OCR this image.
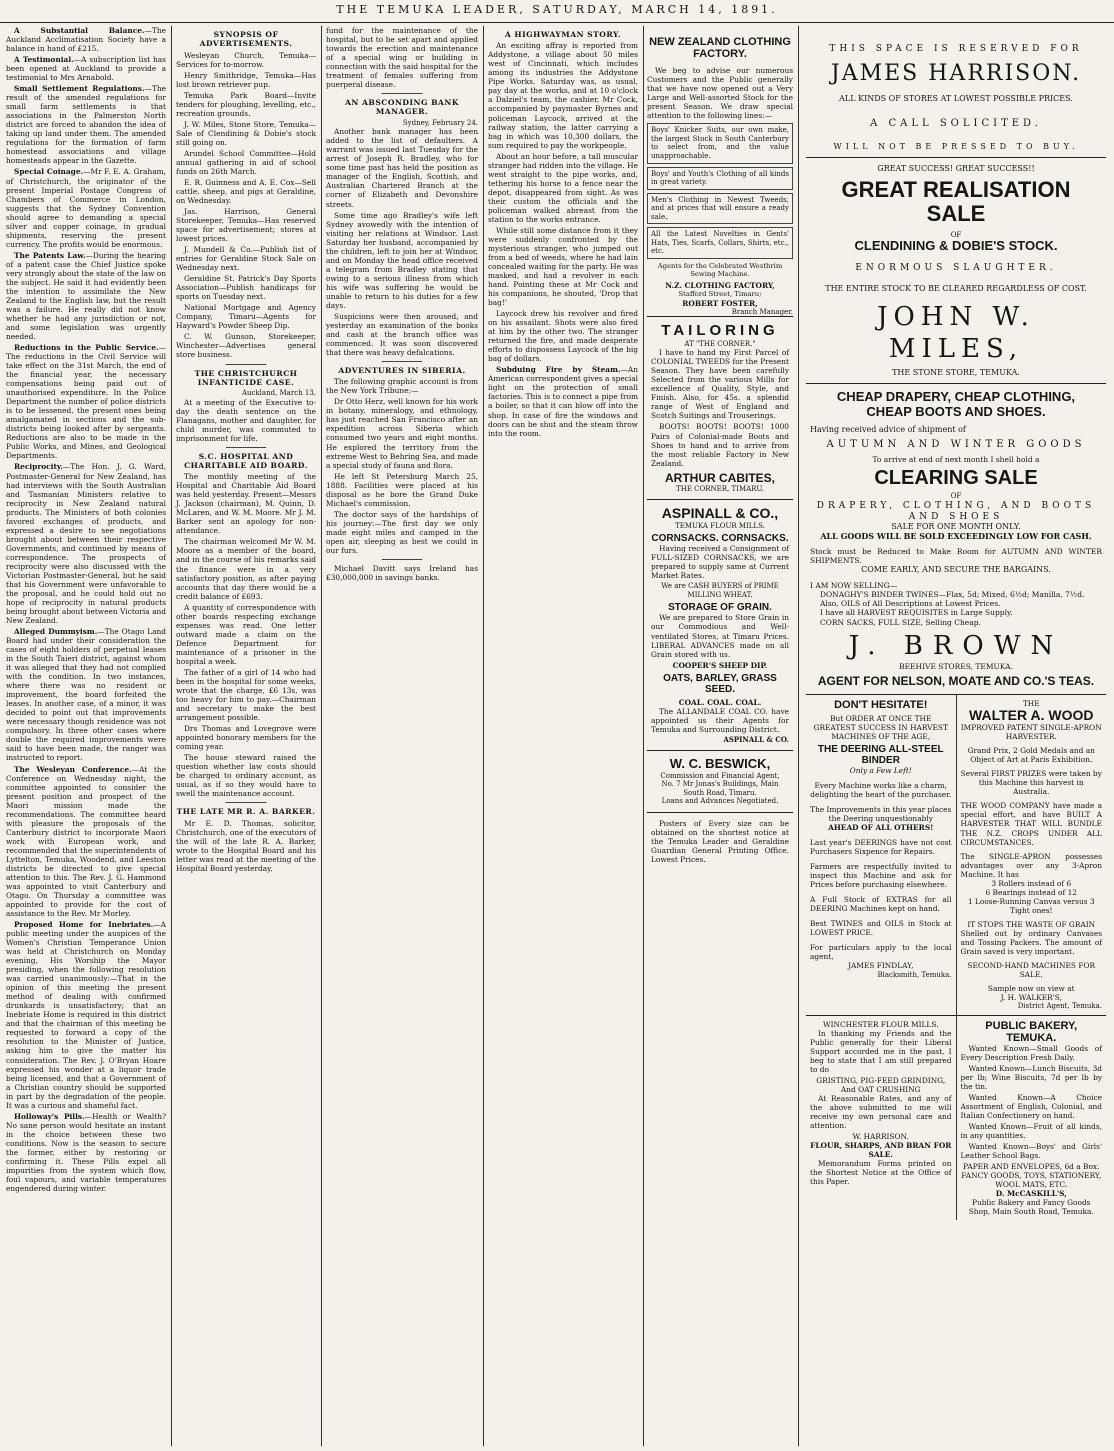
THE TEMUKA LEADER, SATURDAY, MARCH 14, 1891.

A Substantial Balance.—The Auckland Acclimatisation Society have a balance in hand of £215.

A Testimonial.—A subscription list has been opened at Auckland to provide a testimonial to Mrs Arnabold.

Small Settlement Regulations.—The result of the amended regulations for small farm settlements is that associations in the Palmerston North district are forced to abandon the idea of taking up land under them. The amended regulations for the formation of farm homestead associations and village homesteads appear in the Gazette.

Special Coinage.—Mr F. E. A. Graham, of Christchurch, the originator of the present Imperial Postage Congress of Chambers of Commerce in London, suggests that the Sydney Convention should agree to demanding a special silver and copper coinage, in gradual shipments, reserving the present currency. The profits would be enormous.

The Patents Law.—During the hearing of a patent case the Chief Justice spoke very strongly about the state of the law on the subject. He said it had evidently been the intention to assimilate the New Zealand to the English law, but the result was a failure. He really did not know whether he had any jurisdiction or not, and some legislation was urgently needed.

Reductions in the Public Service.—The reductions in the Civil Service will take effect on the 31st March, the end of the financial year, the necessary compensations being paid out of unauthorised expenditure. In the Police Department the number of police districts is to be lessened, the present ones being amalgamated in sections and the sub-districts being looked after by sergeants. Reductions are also to be made in the Public Works, and Mines, and Geological Departments.

Reciprocity.—The Hon. J. G. Ward, Postmaster-General for New Zealand, has had interviews with the South Australian and Tasmanian Ministers relative to reciprocity in New Zealand natural products. The Ministers of both colonies favored exchanges of products, and expressed a desire to see negotiations brought about between their respective Governments, and continued by means of correspondence. The prospects of reciprocity were also discussed with the Victorian Postmaster-General, but he said that his Government were unfavorable to the proposal, and he could hold out no hope of reciprocity in natural products being brought about between Victoria and New Zealand.

Alleged Dummyism.—The Otago Land Board had under their consideration the cases of eight holders of perpetual leases in the South Taieri district, against whom it was alleged that they had not complied with the condition. In two instances, where there was no resident or improvement, the board forfeited the leases. In another case, of a minor, it was decided to point out that improvements were necessary though residence was not compulsory. In three other cases where double the required improvements were said to have been made, the ranger was instructed to report.

The Wesleyan Conference.—At the Conference on Wednesday night, the committee appointed to consider the present position and prospect of the Maori mission made the recommendations. The committee heard with pleasure the proposals of the Canterbury district to incorporate Maori work with European work, and recommended that the superintendents of Lyttelton, Temuka, Woodend, and Leeston districts be directed to give special attention to this. The Rev. J. G. Hammond was appointed to visit Canterbury and Otago. On Thursday a committee was appointed to provide for the cost of assistance to the Rev. Mr Morley.

Proposed Home for Inebriates.—A public meeting under the auspices of the Women's Christian Temperance Union was held at Christchurch on Monday evening, His Worship the Mayor presiding, when the following resolution was carried unanimously:—That in the opinion of this meeting the present method of dealing with confirmed drunkards is unsatisfactory; that an Inebriate Home is required in this district and that the chairman of this meeting be requested to forward a copy of the resolution to the Minister of Justice, asking him to give the matter his consideration. The Rev. J. O'Bryan Hoare expressed his wonder at a liquor trade being licensed, and that a Government of a Christian country should be supported in part by the degradation of the people. It was a curious and shameful fact.

Holloway's Pills.—Health or Wealth? No sane person would hesitate an instant in the choice between these two conditions. Now is the season to secure the former, either by restoring or confirming it. These Pills expel all impurities from the system which flow, foul vapours, and variable temperatures engendered during winter.

SYNOPSIS OF ADVERTISEMENTS.

Wesleyan Church, Temuka—Services for to-morrow.

Henry Smithridge, Temuka—Has lost brown retriever pup.

Temuka Park Board—Invite tenders for ploughing, levelling, etc., recreation grounds.

J. W. Miles, Stone Store, Temuka—Sale of Clendining & Dobie's stock still going on.

Arundel School Committee—Hold annual gathering in aid of school funds on 26th March.

E. R. Guinness and A. E. Cox—Sell cattle, sheep, and pigs at Geraldine, on Wednesday.

Jas. Harrison, General Storekeeper, Temuka—Has reserved space for advertisement; stores at lowest prices.

J. Mundell & Co.—Publish list of entries for Geraldine Stock Sale on Wednesday next.

Geraldine St. Patrick's Day Sports Association—Publish handicaps for sports on Tuesday next.

National Mortgage and Agency Company, Timaru—Agents for Hayward's Powder Sheep Dip.

C. W. Gunson, Storekeeper, Winchester—Advertises general store business.

THE CHRISTCHURCH INFANTICIDE CASE.
Auckland, March 13.

At a meeting of the Executive to-day the death sentence on the Flanagans, mother and daughter, for child murder, was commuted to imprisonment for life.

S.C. HOSPITAL AND CHARITABLE AID BOARD.

The monthly meeting of the Hospital and Charitable Aid Board was held yesterday. Present—Messrs J. Jackson (chairman), M. Quinn, D. McLaren, and W. M. Moore. Mr J. M. Barker sent an apology for non-attendance.

The chairman welcomed Mr W. M. Moore as a member of the board, and in the course of his remarks said the finance were in a very satisfactory position, as after paying accounts that day there would be a credit balance of £693.

A quantity of correspondence with other boards respecting exchange expenses was read. One letter outward made a claim on the Defence Department for maintenance of a prisoner in the hospital a week.

The father of a girl of 14 who had been in the hospital for some weeks, wrote that the charge, £6 13s, was too heavy for him to pay.—Chairman and secretary to make the best arrangement possible.

Drs Thomas and Lovegrove were appointed honorary members for the coming year.

The house steward raised the question whether law costs should be charged to ordinary account, as usual, as if so they would have to swell the maintenance account.

THE LATE MR R. A. BARKER.

Mr E. D. Thomas, solicitor, Christchurch, one of the executors of the will of the late R. A. Barker, wrote to the Hospital Board and his letter was read at the meeting of the Hospital Board yesterday.

fund for the maintenance of the hospital, but to be set apart and applied towards the erection and maintenance of a special wing or building in connection with the said hospital for the treatment of females suffering from puerperal disease.

AN ABSCONDING BANK MANAGER.
Sydney, February 24.

Another bank manager has been added to the list of defaulters. A warrant was issued last Tuesday for the arrest of Joseph R. Bradley, who for some time past has held the position as manager of the English, Scottish, and Australian Chartered Branch at the corner of Elizabeth and Devonshire streets.

Some time ago Bradley's wife left Sydney avowedly with the intention of visiting her relations at Windsor. Last Saturday her husband, accompanied by the children, left to join her at Windsor, and on Monday the head office received a telegram from Bradley stating that owing to a serious illness from which his wife was suffering he would be unable to return to his duties for a few days.

Suspicions were then aroused, and yesterday an examination of the books and cash at the branch office was commenced. It was soon discovered that there was heavy defalcations.

ADVENTURES IN SIBERIA.

The following graphic account is from the New York Tribune:—

Dr Otto Herz, well known for his work in botany, mineralogy, and ethnology, has just reached San Francisco after an expedition across Siberia which consumed two years and eight months. He explored the territory from the extreme West to Behring Sea, and made a special study of fauna and flora.

He left St Petersburg March 25, 1888. Facilities were placed at his disposal as he bore the Grand Duke Michael's commission.

The doctor says of the hardships of his journey:—The first day we only made eight miles and camped in the open air, sleeping as best we could in our furs.

Michael Davitt says Ireland has £30,000,000 in savings banks.

A HIGHWAYMAN STORY.

An exciting affray is reported from Addystone, a village about 50 miles west of Cincinnati, which includes among its industries the Addystone Pipe Works. Saturday was, as usual, pay day at the works, and at 10 o'clock a Dalziel's team, the cashier, Mr Cock, accompanied by paymaster Byrnes and policeman Laycock, arrived at the railway station, the latter carrying a bag in which was 10,300 dollars, the sum required to pay the workpeople.

About an hour before, a tall muscular stranger had ridden into the village. He went straight to the pipe works, and, tethering his horse to a fence near the depot, disappeared from sight. As was their custom the officials and the policeman walked abreast from the station to the works entrance.

While still some distance from it they were suddenly confronted by the mysterious stranger, who jumped out from a bed of weeds, where he had lain concealed waiting for the party. He was masked, and had a revolver in each hand. Pointing these at Mr Cock and his companions, he shouted, 'Drop that bag!'

Laycock drew his revolver and fired on his assailant. Shots were also fired at him by the other two. The stranger returned the fire, and made desperate efforts to dispossess Laycock of the big bag of dollars.

Subduing Fire by Steam.—An American correspondent gives a special light on the protection of small factories. This is to connect a pipe from a boiler, so that it can blow off into the shop. In case of fire the windows and doors can be shut and the steam throw into the room.

NEW ZEALAND CLOTHING FACTORY.

We beg to advise our numerous Customers and the Public generally that we have now opened out a Very Large and Well-assorted Stock for the present Season. We draw special attention to the following lines:—

Boys' Knicker Suits, our own make, the largest Stock in South Canterbury to select from, and the value unapproachable.
Boys' and Youth's Clothing of all kinds in great variety.
Men's Clothing in Newest Tweeds, and at prices that will ensure a ready sale.
All the Latest Novelties in Gents' Hats, Ties, Scarfs, Collars, Shirts, etc., etc.
Agents for the Celebrated Westhrim Sewing Machine.
N.Z. CLOTHING FACTORY,
Stafford Street, Timaru;
ROBERT FOSTER,
Branch Manager.
TAILORING
AT "THE CORNER."

I have to hand my First Parcel of COLONIAL TWEEDS for the Present Season. They have been carefully Selected from the various Mills for excellence of Quality, Style, and Finish. Also, for 45s. a splendid range of West of England and Scotch Suitings and Trouserings.

BOOTS! BOOTS! BOOTS! 1000 Pairs of Colonial-made Boots and Shoes to hand and to arrive from the most reliable Factory in New Zealand.

ARTHUR CABITES,
THE CORNER, TIMARU.
ASPINALL & CO.,
TEMUKA FLOUR MILLS.
CORNSACKS. CORNSACKS.

Having received a Consignment of FULL-SIZED CORNSACKS, we are prepared to supply same at Current Market Rates.

We are CASH BUYERS of PRIME MILLING WHEAT.
STORAGE OF GRAIN.

We are prepared to Store Grain in our Commodious and Well-ventilated Stores, at Timaru Prices. LIBERAL ADVANCES made on all Grain stored with us.

COOPER'S SHEEP DIP.
OATS, BARLEY, GRASS SEED.
COAL. COAL. COAL.

The ALLANDALE COAL CO. have appointed us their Agents for Temuka and Surrounding District.

ASPINALL & CO.
W. C. BESWICK,
Commission and Financial Agent,
No. 7 Mr Jonas's Buildings, Main South Road, Timaru.
Loans and Advances Negotiated.

Posters of Every size can be obtained on the shortest notice at the Temuka Leader and Geraldine Guardian General Printing Office. Lowest Prices.

THIS SPACE IS RESERVED FOR
JAMES HARRISON.
ALL KINDS OF STORES AT LOWEST POSSIBLE PRICES.
A CALL SOLICITED.
WILL NOT BE PRESSED TO BUY.
GREAT SUCCESS! GREAT SUCCESS!!
GREAT REALISATION SALE
OF
CLENDINING & DOBIE'S STOCK.
ENORMOUS SLAUGHTER.
THE ENTIRE STOCK TO BE CLEARED REGARDLESS OF COST.
JOHN W. MILES,
THE STONE STORE, TEMUKA.
CHEAP DRAPERY, CHEAP CLOTHING,
CHEAP BOOTS AND SHOES.
Having received advice of shipment of
AUTUMN AND WINTER GOODS
To arrive at end of next month I shell hold a
CLEARING SALE
OF
DRAPERY, CLOTHING, AND BOOTS AND SHOES
SALE FOR ONE MONTH ONLY.
ALL GOODS WILL BE SOLD EXCEEDINGLY LOW FOR CASH.
Stock must be Reduced to Make Room for AUTUMN AND WINTER SHIPMENTS.
COME EARLY, AND SECURE THE BARGAINS.
I AM NOW SELLING—
DONAGHY'S BINDER TWINES—Flax, 5d; Mixed, 6½d; Manilla, 7½d.
Also, OILS of All Descriptions at Lowest Prices.
I have all HARVEST REQUISITES in Large Supply.
CORN SACKS, FULL SIZE, Selling Cheap.
J. BROWN
BEEHIVE STORES, TEMUKA.
AGENT FOR NELSON, MOATE AND CO.'S TEAS.
DON'T HESITATE!
But ORDER AT ONCE THE GREATEST SUCCESS IN HARVEST MACHINES OF THE AGE,
THE DEERING ALL-STEEL BINDER
Only a Few Left!
Every Machine works like a charm, delighting the heart of the purchaser.
The Improvements in this year places the Deering unquestionably
AHEAD OF ALL OTHERS!
Last year's DEERINGS have not cost Purchasers Sixpence for Repairs.
Farmers are respectfully invited to inspect this Machine and ask for Prices before purchasing elsewhere.
A Full Stock of EXTRAS for all DEERING Machines kept on hand.
Best TWINES and OILS in Stock at LOWEST PRICE.
For particulars apply to the local agent,
JAMES FINDLAY,
Blacksmith, Temuka.
THE
WALTER A. WOOD
IMPROVED PATENT SINGLE-APRON HARVESTER.
Grand Prix, 2 Gold Medals and an Object of Art at Paris Exhibition.
Several FIRST PRIZES were taken by this Machine this harvest in Australia.
THE WOOD COMPANY have made a special effort, and have BUILT A HARVESTER THAT WILL BUNDLE THE N.Z. CROPS UNDER ALL CIRCUMSTANCES.
The SINGLE-APRON possesses advantages over any 3-Apron Machine. It has
3 Rollers instead of 6
6 Bearings instead of 12
1 Loose-Running Canvas versus 3 Tight ones!
IT STOPS THE WASTE OF GRAIN
Shelled out by ordinary Canvases and Tossing Packers. The amount of Grain saved is very important.
SECOND-HAND MACHINES FOR SALE.
Sample now on view at
J. H. WALKER'S,
District Agent, Temuka.
WINCHESTER FLOUR MILLS.

In thanking my Friends and the Public generally for their Liberal Support accorded me in the past, I beg to state that I am still prepared to do

GRISTING, PIG-FEED GRINDING, And OAT CRUSHING

At Reasonable Rates, and any of the above submitted to me will receive my own personal care and attention.

W. HARRISON.
FLOUR, SHARPS, AND BRAN FOR SALE.

Memorandum Forms printed on the Shortest Notice at the Office of this Paper.

PUBLIC BAKERY, TEMUKA.

Wanted Known—Small Goods of Every Description Fresh Daily.

Wanted Known—Lunch Biscuits, 3d per lb; Wine Biscuits, 7d per lb by the tin.

Wanted Known—A Choice Assortment of English, Colonial, and Italian Confectionery on hand.

Wanted Known—Fruit of all kinds, in any quantities.

Wanted Known—Boys' and Girls' Leather School Bags.

PAPER AND ENVELOPES, 6d a Box. FANCY GOODS, TOYS, STATIONERY, WOOL MATS, ETC.
D. McCASKILL'S,
Public Bakery and Fancy Goods Shop, Main South Road, Temuka.
